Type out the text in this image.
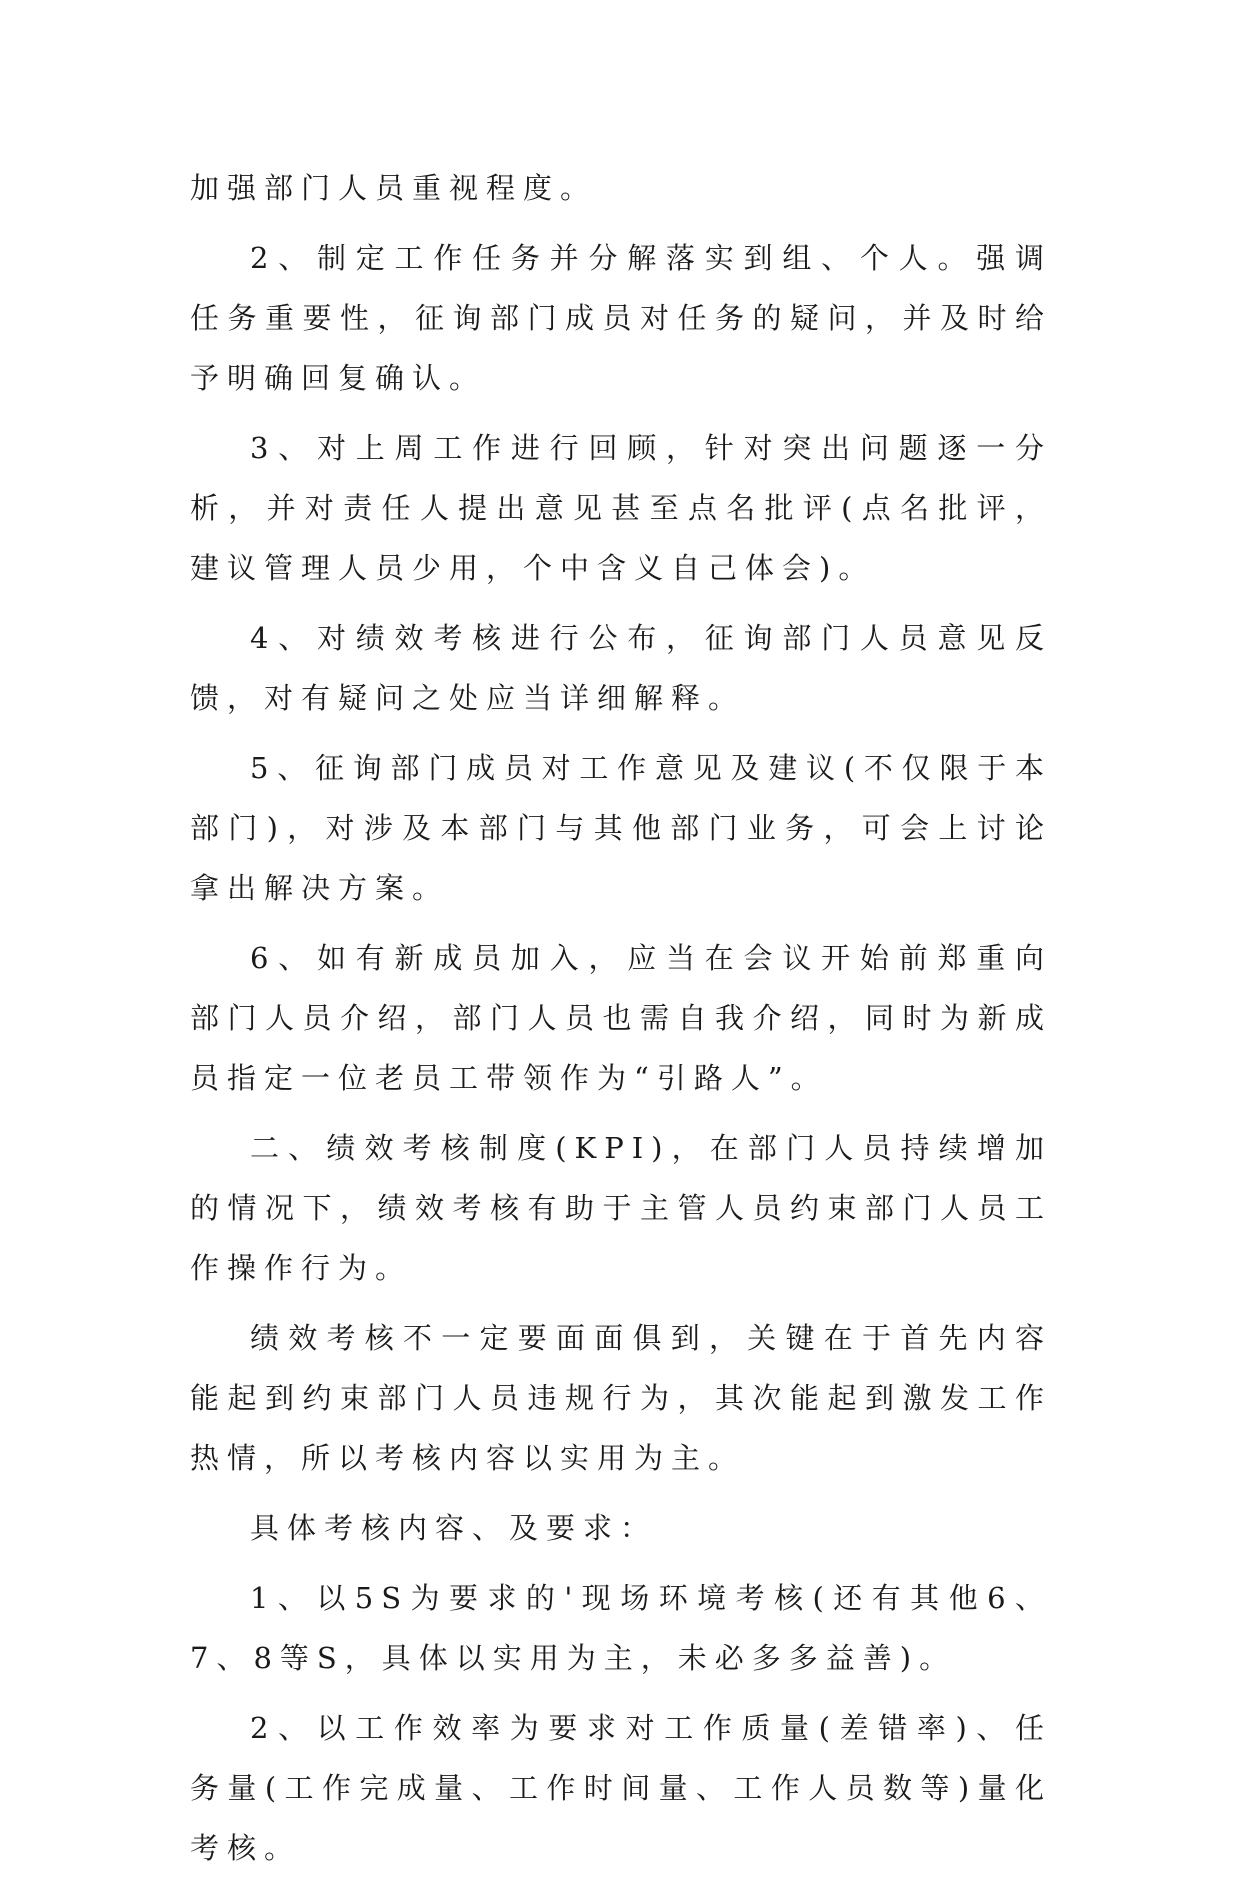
加强部门人员重视程度。

2、制定工作任务并分解落实到组、个人。强调任务重要性，征询部门成员对任务的疑问，并及时给予明确回复确认。

3、对上周工作进行回顾，针对突出问题逐一分析，并对责任人提出意见甚至点名批评(点名批评，建议管理人员少用，个中含义自己体会)。

4、对绩效考核进行公布，征询部门人员意见反馈，对有疑问之处应当详细解释。

5、征询部门成员对工作意见及建议(不仅限于本部门)，对涉及本部门与其他部门业务，可会上讨论拿出解决方案。

6、如有新成员加入，应当在会议开始前郑重向部门人员介绍，部门人员也需自我介绍，同时为新成员指定一位老员工带领作为“引路人”。

二、绩效考核制度(KPI)，在部门人员持续增加的情况下，绩效考核有助于主管人员约束部门人员工作操作行为。

绩效考核不一定要面面俱到，关键在于首先内容能起到约束部门人员违规行为，其次能起到激发工作热情，所以考核内容以实用为主。

具体考核内容、及要求：

1、以5S为要求的'现场环境考核(还有其他6、7、8等S，具体以实用为主，未必多多益善)。

2、以工作效率为要求对工作质量(差错率)、任务量(工作完成量、工作时间量、工作人员数等)量化考核。
